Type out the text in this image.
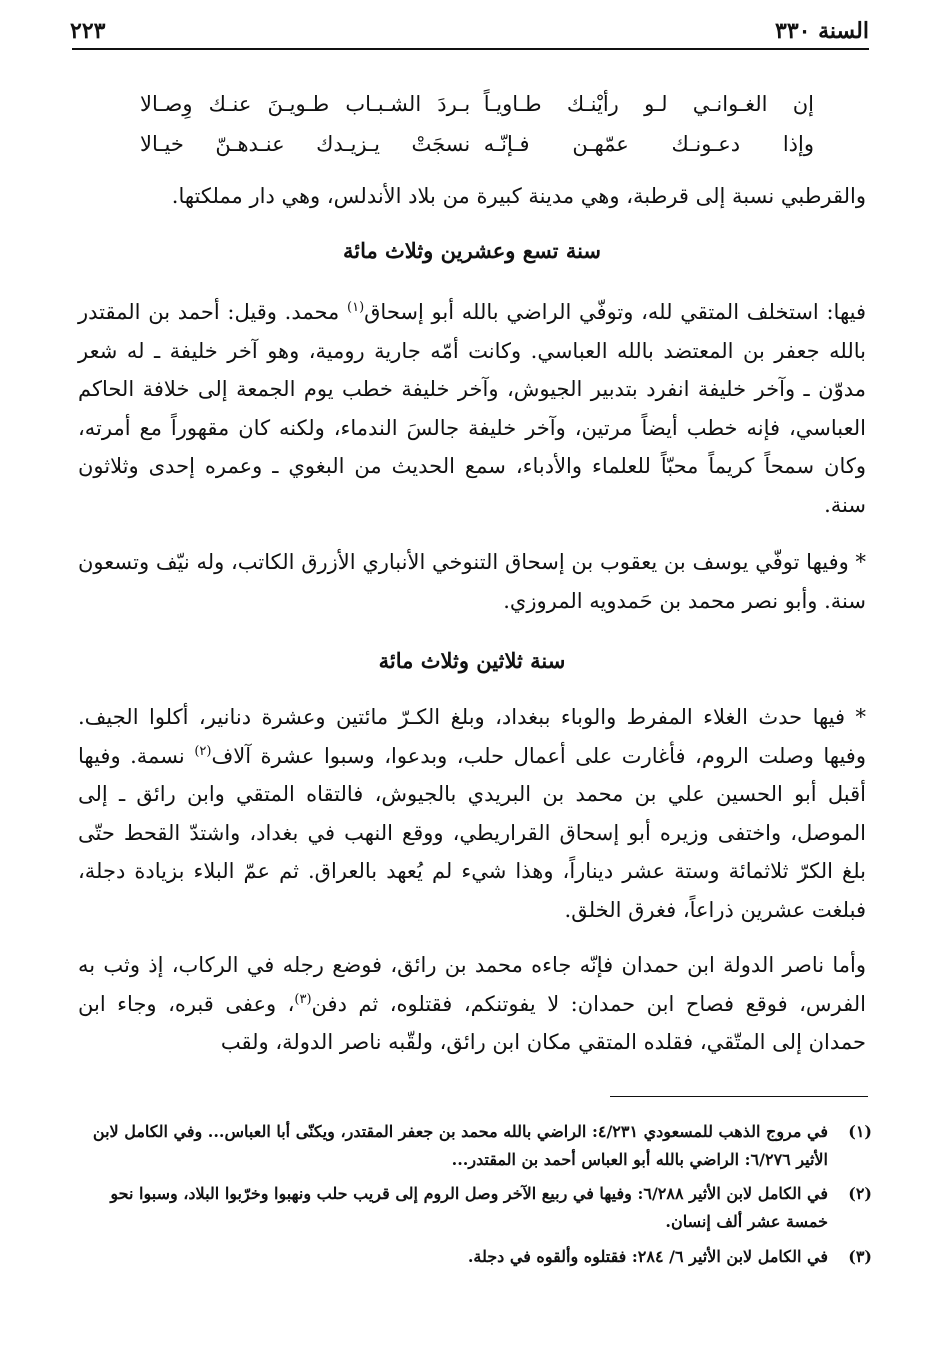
السنة ٣٣٠
٢٢٣
إن الغـوانـي لـو رأيْنـك طـاويـاً
بـردَ الشـبـاب طـويـنَ عنـك وِصـالا
وإذا دعـونـك عمّهـن فـإنّـه
نسجَتْ يـزيـدك عنـدهـنّ خيـالا

والقرطبي نسبة إلى قرطبة، وهي مدينة كبيرة من بلاد الأندلس، وهي دار مملكتها.

سنة تسع وعشرين وثلاث مائة

فيها: استخلف المتقي لله، وتوفّي الراضي بالله أبو إسحاق$^{(١)}$ محمد. وقيل: أحمد بن المقتدر بالله جعفر بن المعتضد بالله العباسي. وكانت أمّه جارية رومية، وهو آخر خليفة ـ له شعر مدوّن ـ وآخر خليفة انفرد بتدبير الجيوش، وآخر خليفة خطب يوم الجمعة إلى خلافة الحاكم العباسي، فإنه خطب أيضاً مرتين، وآخر خليفة جالسَ الندماء، ولكنه كان مقهوراً مع أمرته، وكان سمحاً كريماً محبّاً للعلماء والأدباء، سمع الحديث من البغوي ـ وعمره إحدى وثلاثون سنة.

* وفيها توفّي يوسف بن يعقوب بن إسحاق التنوخي الأنباري الأزرق الكاتب، وله نيّف وتسعون سنة. وأبو نصر محمد بن حَمدويه المروزي.

سنة ثلاثين وثلاث مائة

* فيها حدث الغلاء المفرط والوباء ببغداد، وبلغ الكـرّ مائتين وعشرة دنانير، أكلوا الجيف. وفيها وصلت الروم، فأغارت على أعمال حلب، وبدعوا، وسبوا عشرة آلاف$^{(٢)}$ نسمة. وفيها أقبل أبو الحسين علي بن محمد بن البريدي بالجيوش، فالتقاه المتقي وابن رائق ـ إلى الموصل، واختفى وزيره أبو إسحاق القراريطي، ووقع النهب في بغداد، واشتدّ القحط حتّى بلغ الكرّ ثلاثمائة وستة عشر ديناراً، وهذا شيء لم يُعهد بالعراق. ثم عمّ البلاء بزيادة دجلة، فبلغت عشرين ذراعاً، فغرق الخلق.

وأما ناصر الدولة ابن حمدان فإنّه جاءه محمد بن رائق، فوضع رجله في الركاب، إذ وثب به الفرس، فوقع فصاح ابن حمدان: لا يفوتنكم، فقتلوه، ثم دفن$^{(٣)}$، وعفى قبره، وجاء ابن حمدان إلى المتّقي، فقلده المتقي مكان ابن رائق، ولقّبه ناصر الدولة، ولقب

(١)
في مروج الذهب للمسعودي ٤/٢٣١: الراضي بالله محمد بن جعفر المقتدر، ويكنّى أبا العباس... وفي الكامل لابن الأثير ٦/٢٧٦: الراضي بالله أبو العباس أحمد بن المقتدر...
(٢)
في الكامل لابن الأثير ٦/٢٨٨: وفيها في ربيع الآخر وصل الروم إلى قريب حلب ونهبوا وخرّبوا البلاد، وسبوا نحو خمسة عشر ألف إنسان.
(٣)
في الكامل لابن الأثير ٦/ ٢٨٤: فقتلوه وألقوه في دجلة.
